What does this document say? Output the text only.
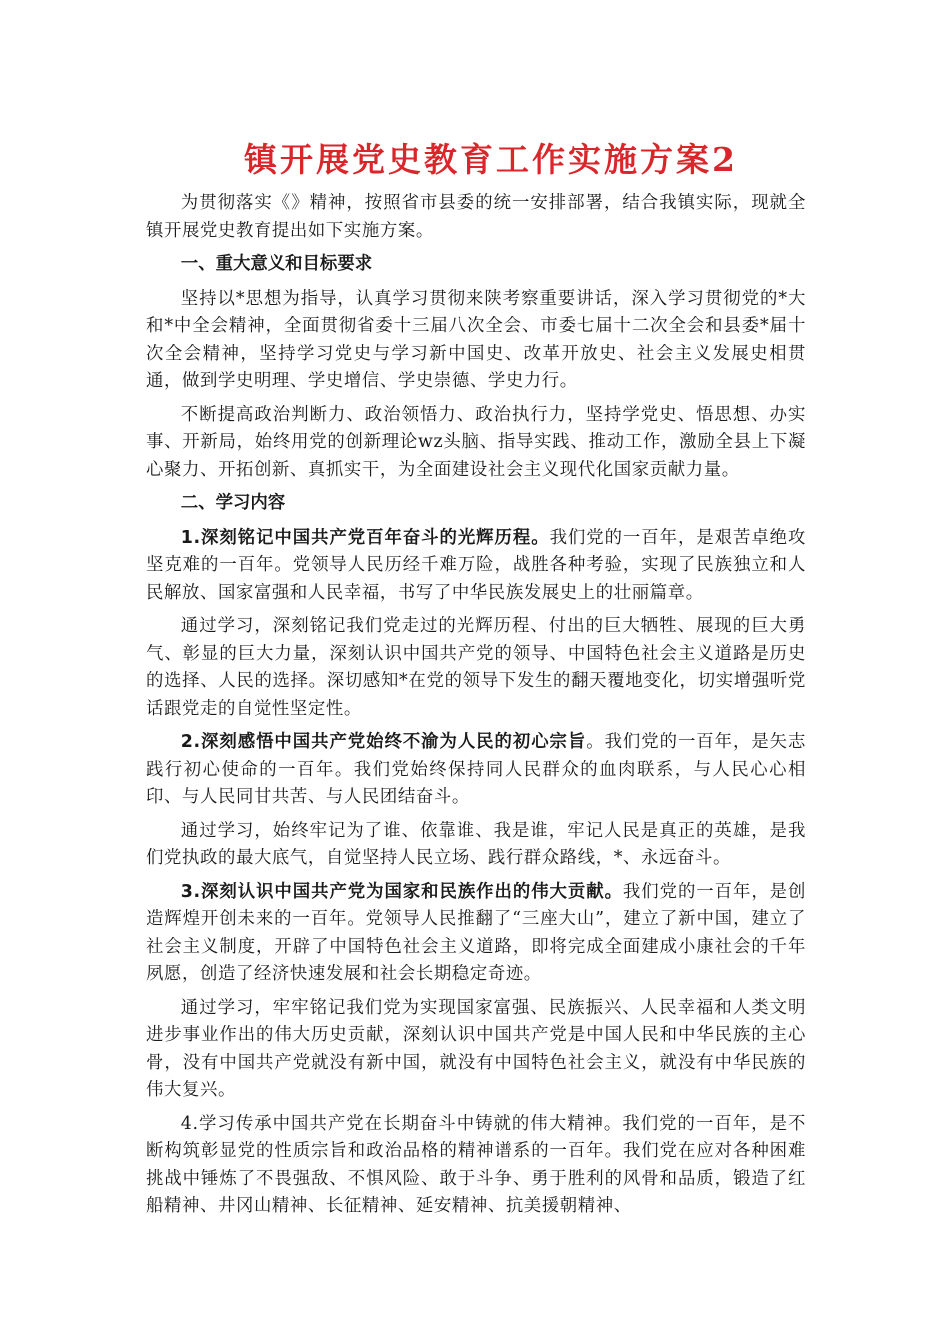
镇开展党史教育工作实施方案2

为贯彻落实《》精神，按照省市县委的统一安排部署，结合我镇实际，现就全镇开展党史教育提出如下实施方案。

一、重大意义和目标要求

坚持以*思想为指导，认真学习贯彻来陕考察重要讲话，深入学习贯彻党的*大和*中全会精神，全面贯彻省委十三届八次全会、市委七届十二次全会和县委*届十次全会精神，坚持学习党史与学习新中国史、改革开放史、社会主义发展史相贯通，做到学史明理、学史增信、学史崇德、学史力行。

不断提高政治判断力、政治领悟力、政治执行力，坚持学党史、悟思想、办实事、开新局，始终用党的创新理论wz头脑、指导实践、推动工作，激励全县上下凝心聚力、开拓创新、真抓实干，为全面建设社会主义现代化国家贡献力量。

二、学习内容

1.深刻铭记中国共产党百年奋斗的光辉历程。我们党的一百年，是艰苦卓绝攻坚克难的一百年。党领导人民历经千难万险，战胜各种考验，实现了民族独立和人民解放、国家富强和人民幸福，书写了中华民族发展史上的壮丽篇章。

通过学习，深刻铭记我们党走过的光辉历程、付出的巨大牺牲、展现的巨大勇气、彰显的巨大力量，深刻认识中国共产党的领导、中国特色社会主义道路是历史的选择、人民的选择。深切感知*在党的领导下发生的翻天覆地变化，切实增强听党话跟党走的自觉性坚定性。

2.深刻感悟中国共产党始终不渝为人民的初心宗旨。我们党的一百年，是矢志践行初心使命的一百年。我们党始终保持同人民群众的血肉联系，与人民心心相印、与人民同甘共苦、与人民团结奋斗。

通过学习，始终牢记为了谁、依靠谁、我是谁，牢记人民是真正的英雄，是我们党执政的最大底气，自觉坚持人民立场、践行群众路线，*、永远奋斗。

3.深刻认识中国共产党为国家和民族作出的伟大贡献。我们党的一百年，是创造辉煌开创未来的一百年。党领导人民推翻了“三座大山”，建立了新中国，建立了社会主义制度，开辟了中国特色社会主义道路，即将完成全面建成小康社会的千年夙愿，创造了经济快速发展和社会长期稳定奇迹。

通过学习，牢牢铭记我们党为实现国家富强、民族振兴、人民幸福和人类文明进步事业作出的伟大历史贡献，深刻认识中国共产党是中国人民和中华民族的主心骨，没有中国共产党就没有新中国，就没有中国特色社会主义，就没有中华民族的伟大复兴。

4.学习传承中国共产党在长期奋斗中铸就的伟大精神。我们党的一百年，是不断构筑彰显党的性质宗旨和政治品格的精神谱系的一百年。我们党在应对各种困难挑战中锤炼了不畏强敌、不惧风险、敢于斗争、勇于胜利的风骨和品质，锻造了红船精神、井冈山精神、长征精神、延安精神、抗美援朝精神、
